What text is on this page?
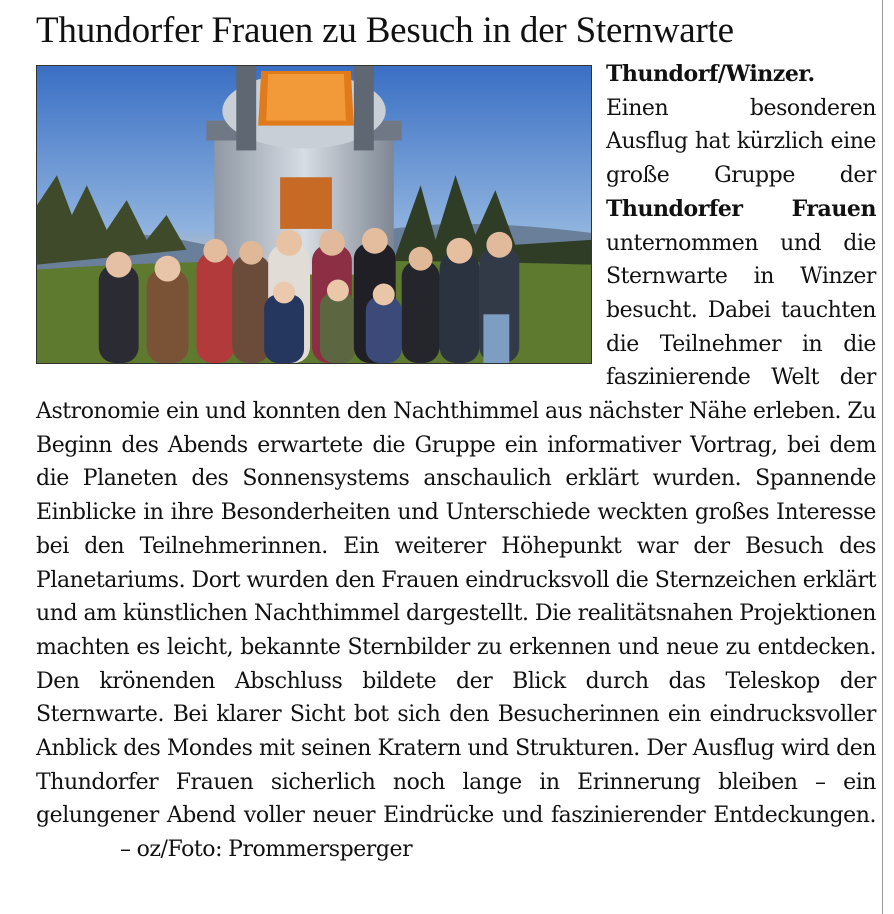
Thundorfer Frauen zu Besuch in der Sternwarte
Thundorf/Winzer. Einen besonderen Ausflug hat kürzlich eine große Gruppe der Thundorfer Frauen unternommen und die Sternwarte in Winzer besucht. Dabei tauchten die Teilnehmer in die faszinierende Welt der Astronomie ein und konnten den Nachthimmel aus nächster Nähe erleben. Zu Beginn des Abends erwartete die Gruppe ein informativer Vortrag, bei dem die Planeten des Sonnensystems anschaulich erklärt wurden. Spannende Einblicke in ihre Besonderheiten und Unterschiede weckten großes Interesse bei den Teilnehmerinnen. Ein weiterer Höhepunkt war der Besuch des Planetariums. Dort wurden den Frauen eindrucksvoll die Sternzeichen erklärt und am künstlichen Nachthimmel dargestellt. Die realitätsnahen Projektionen machten es leicht, bekannte Sternbilder zu erkennen und neue zu entdecken. Den krönenden Abschluss bildete der Blick durch das Teleskop der Sternwarte. Bei klarer Sicht bot sich den Besucherinnen ein eindrucksvoller Anblick des Mondes mit seinen Kratern und Strukturen. Der Ausflug wird den Thundorfer Frauen sicherlich noch lange in Erinnerung bleiben – ein gelungener Abend voller neuer Eindrücke und faszinierender Entdeckungen.– oz/Foto: Prommersperger
